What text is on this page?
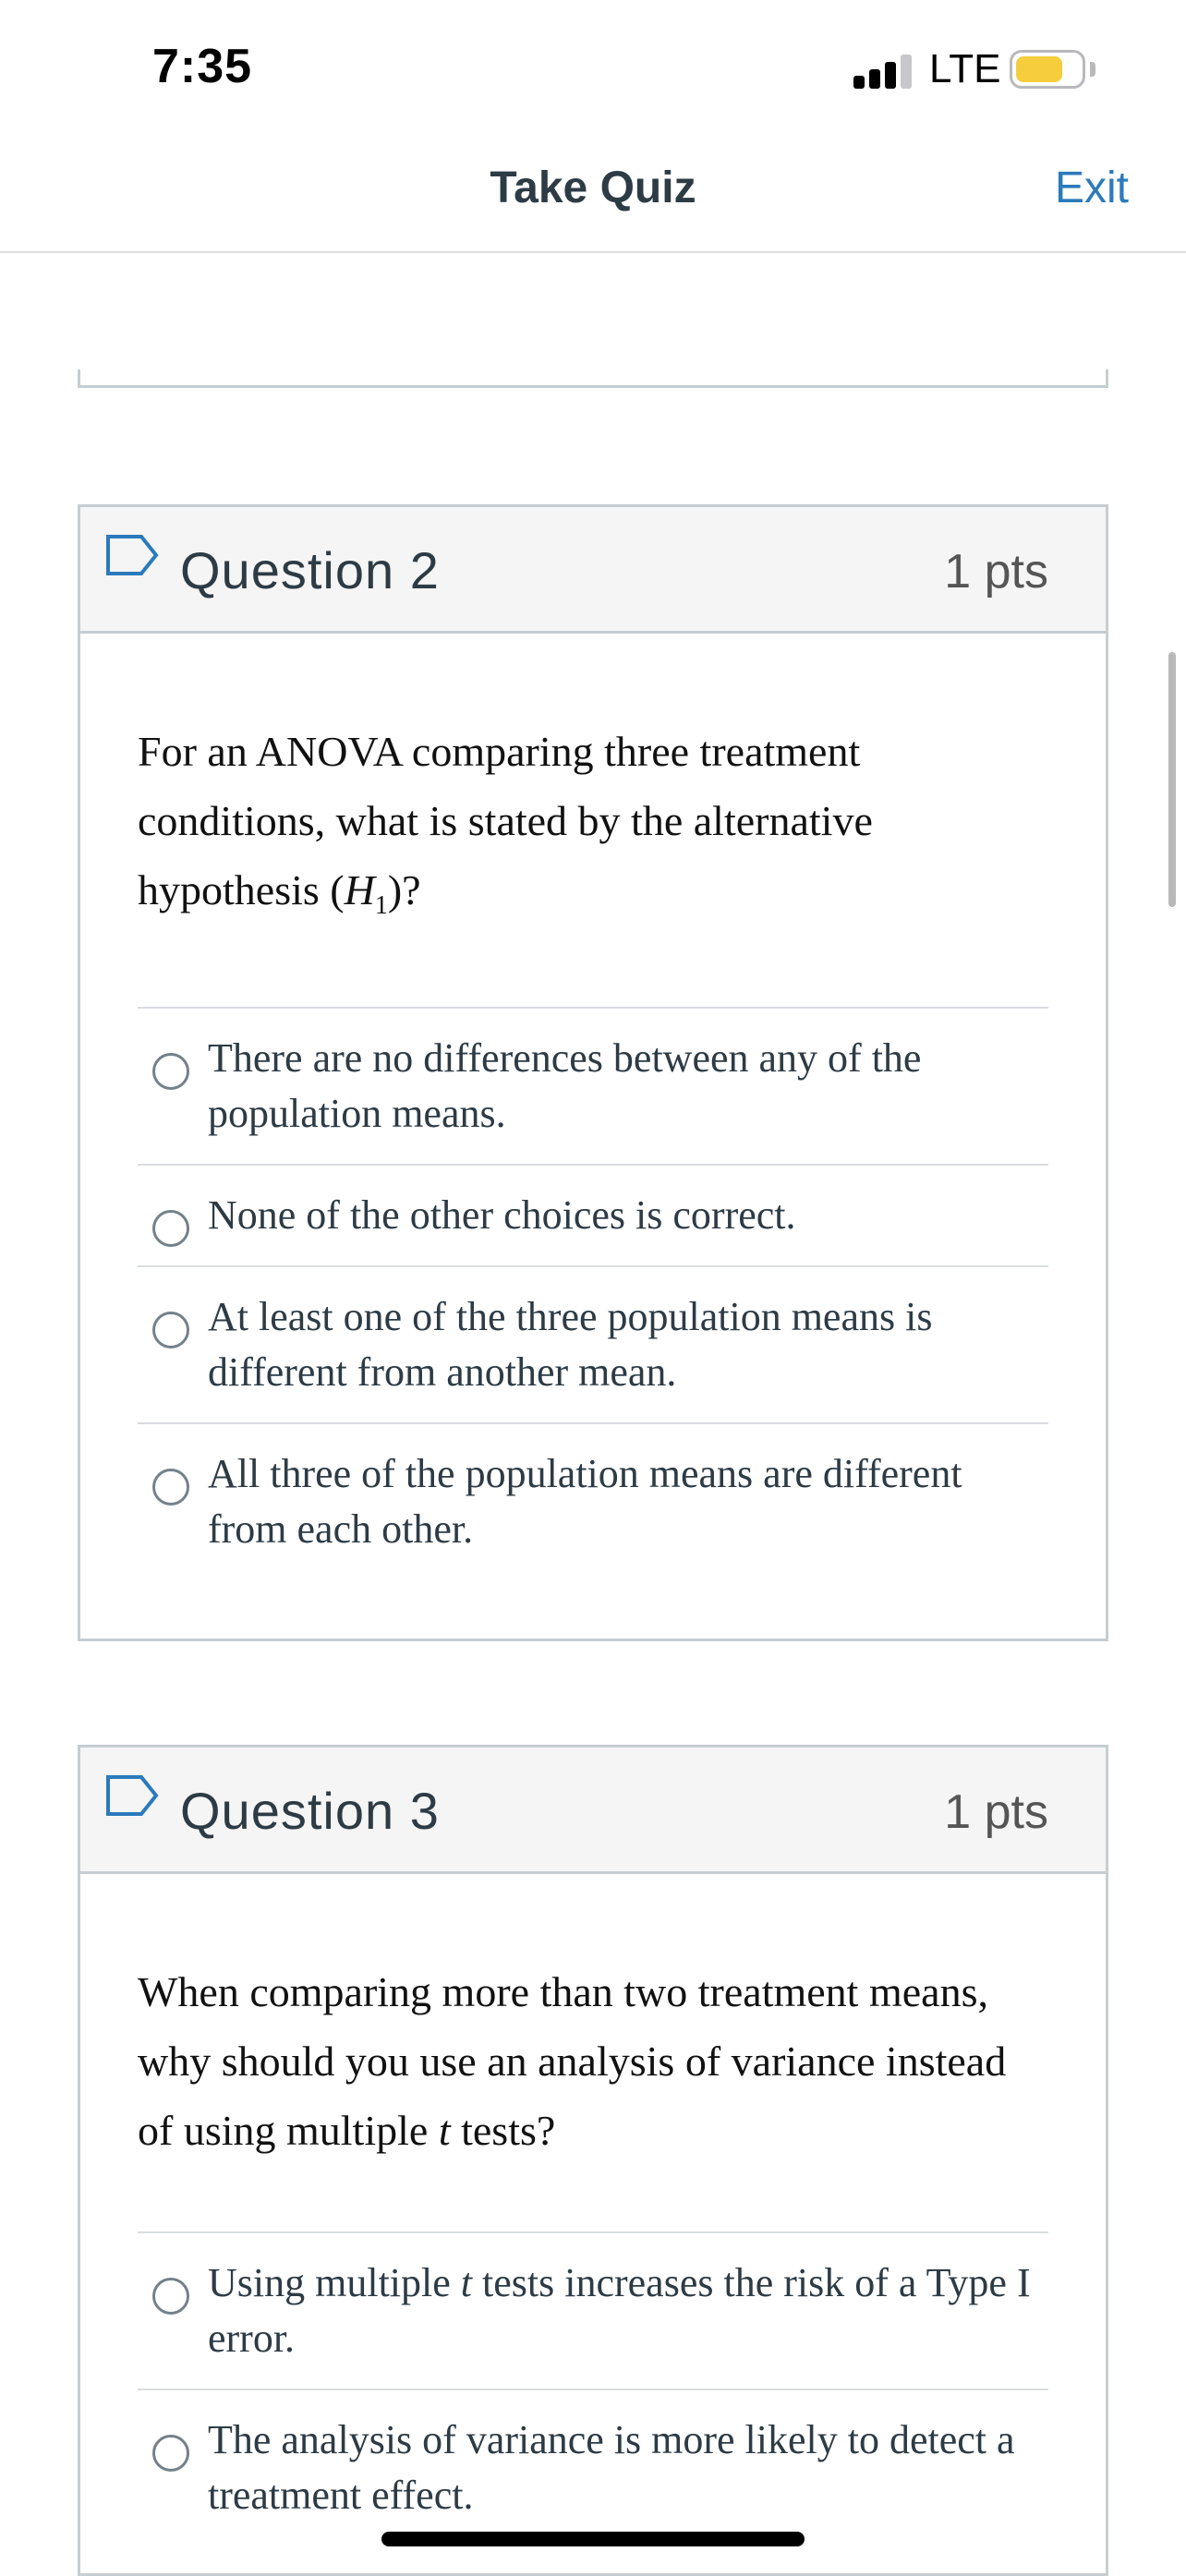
7:35	LTE
Take Quiz	Exit
Question 2	1 pts

For an ANOVA comparing three treatment conditions, what is stated by the alternative hypothesis $(H_1)$?

There are no differences between any of the population means.
None of the other choices is correct.
At least one of the three population means is different from another mean.
All three of the population means are different from each other.
Question 3	1 pts

When comparing more than two treatment means, why should you use an analysis of variance instead of using multiple t tests?

Using multiple t tests increases the risk of a Type I error.
The analysis of variance is more likely to detect a treatment effect.
